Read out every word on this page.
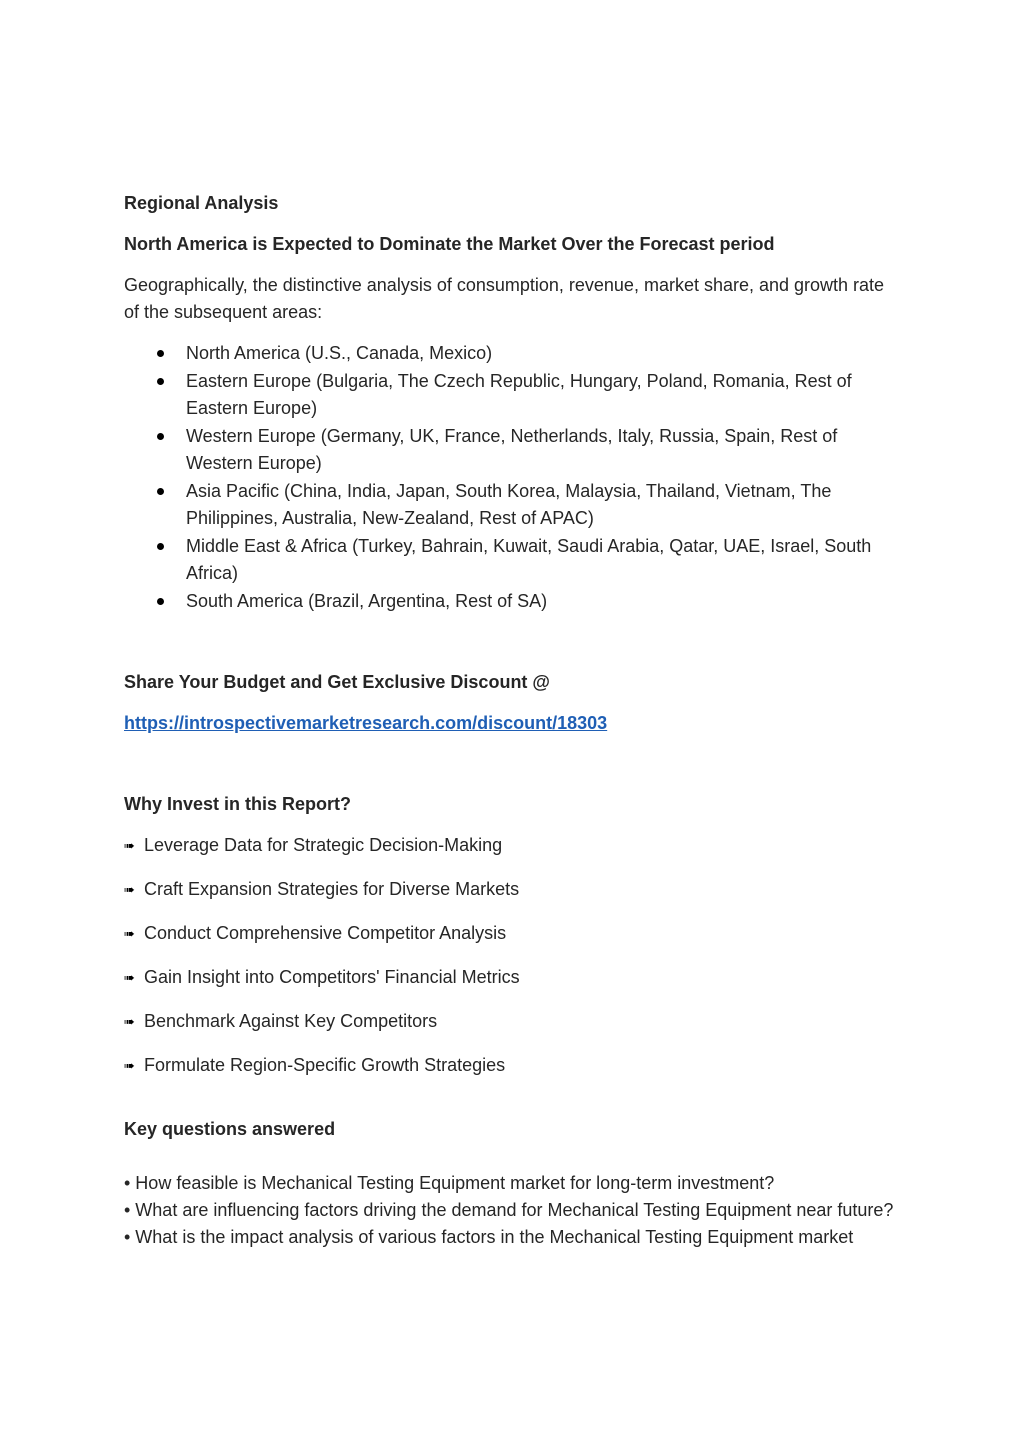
Regional Analysis

North America is Expected to Dominate the Market Over the Forecast period

Geographically, the distinctive analysis of consumption, revenue, market share, and growth rate of the subsequent areas:

North America (U.S., Canada, Mexico)
Eastern Europe (Bulgaria, The Czech Republic, Hungary, Poland, Romania, Rest of Eastern Europe)
Western Europe (Germany, UK, France, Netherlands, Italy, Russia, Spain, Rest of Western Europe)
Asia Pacific (China, India, Japan, South Korea, Malaysia, Thailand, Vietnam, The Philippines, Australia, New-Zealand, Rest of APAC)
Middle East & Africa (Turkey, Bahrain, Kuwait, Saudi Arabia, Qatar, UAE, Israel, South Africa)
South America (Brazil, Argentina, Rest of SA)

Share Your Budget and Get Exclusive Discount @

https://introspectivemarketresearch.com/discount/18303

Why Invest in this Report?

➠ Leverage Data for Strategic Decision-Making
➠ Craft Expansion Strategies for Diverse Markets
➠ Conduct Comprehensive Competitor Analysis
➠ Gain Insight into Competitors' Financial Metrics
➠ Benchmark Against Key Competitors
➠ Formulate Region-Specific Growth Strategies

Key questions answered

• How feasible is Mechanical Testing Equipment market for long-term investment?

• What are influencing factors driving the demand for Mechanical Testing Equipment near future?

• What is the impact analysis of various factors in the Mechanical Testing Equipment market
